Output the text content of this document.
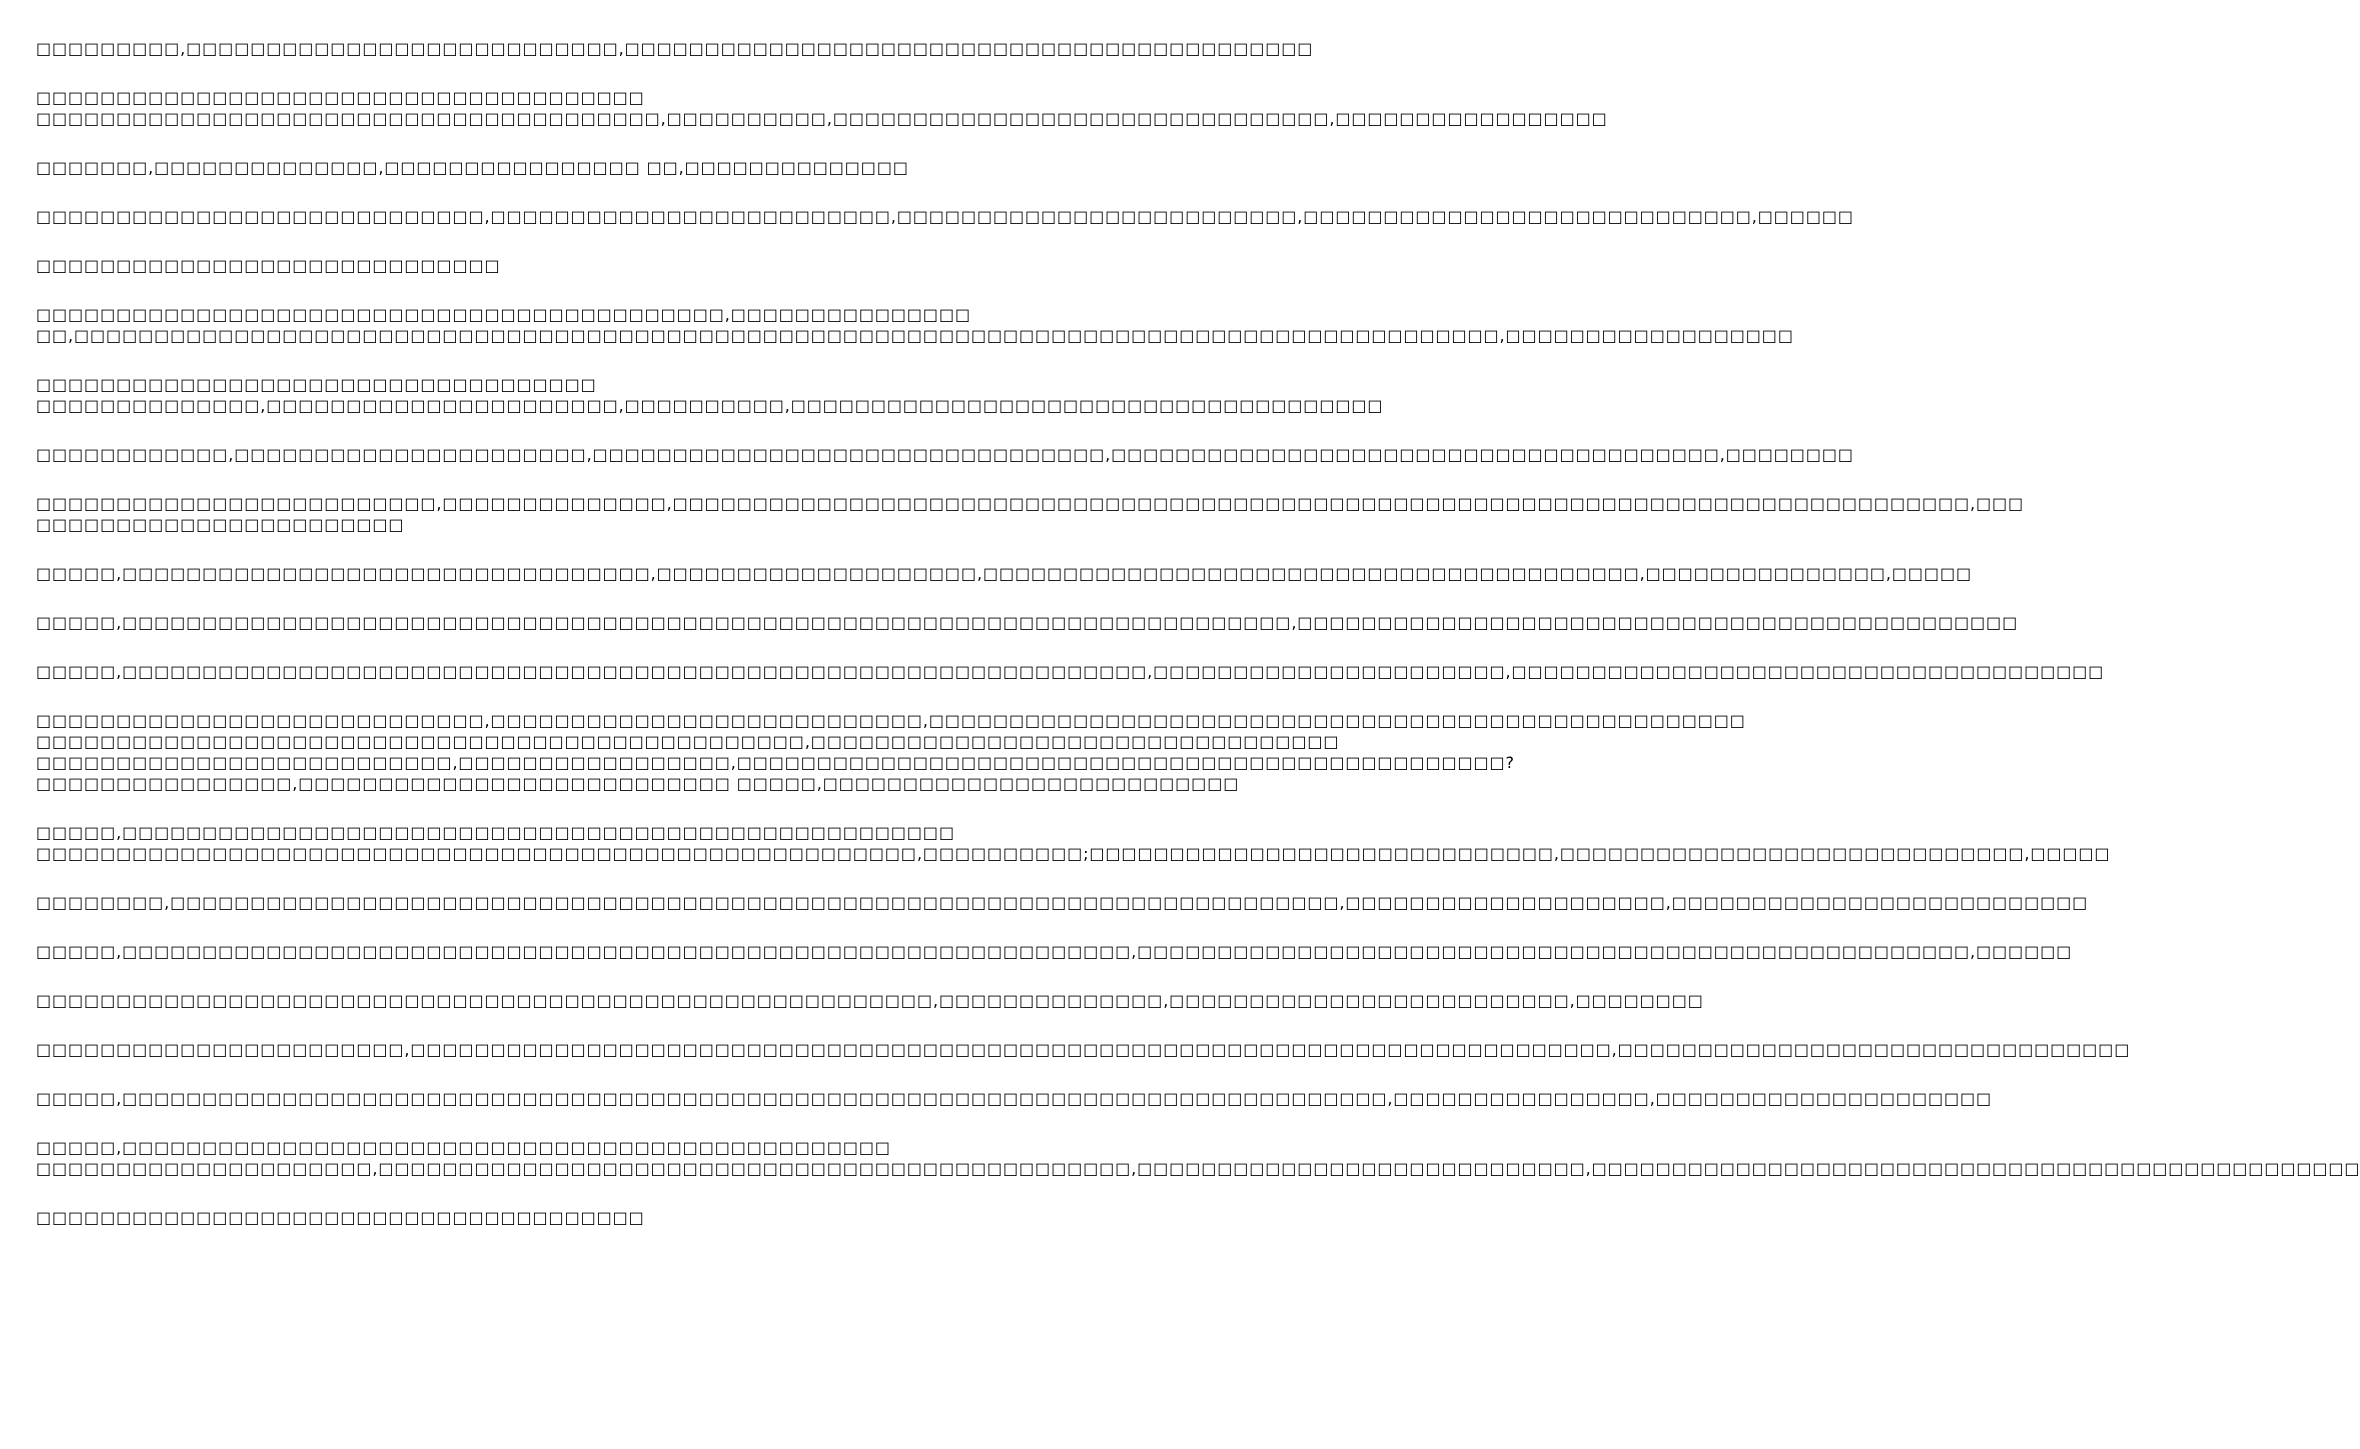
□□□□□□□□□,□□□□□□□□□□□□□□□□□□□□□□□□□□□,□□□□□□□□□□□□□□□□□□□□□□□□□□□□□□□□□□□□□□□□□□□
□□□□□□□□□□□□□□□□□□□□□□□□□□□□□□□□□□□□□□
□□□□□□□□□□□□□□□□□□□□□□□□□□□□□□□□□□□□□□□,□□□□□□□□□□,□□□□□□□□□□□□□□□□□□□□□□□□□□□□□□□,□□□□□□□□□□□□□□□□□
□□□□□□□,□□□□□□□□□□□□□□,□□□□□□□□□□□□□□□□ □□,□□□□□□□□□□□□□□
□□□□□□□□□□□□□□□□□□□□□□□□□□□□,□□□□□□□□□□□□□□□□□□□□□□□□□,□□□□□□□□□□□□□□□□□□□□□□□□□,□□□□□□□□□□□□□□□□□□□□□□□□□□□□,□□□□□□
□□□□□□□□□□□□□□□□□□□□□□□□□□□□□
□□□□□□□□□□□□□□□□□□□□□□□□□□□□□□□□□□□□□□□□□□□,□□□□□□□□□□□□□□□
□□,□□□□□□□□□□□□□□□□□□□□□□□□□□□□□□□□□□□□□□□□□□□□□□□□□□□□□□□□□□□□□□□□□□□□□□□□□□□□□□□□□□□□□□□□□,□□□□□□□□□□□□□□□□□□
□□□□□□□□□□□□□□□□□□□□□□□□□□□□□□□□□□□
□□□□□□□□□□□□□□,□□□□□□□□□□□□□□□□□□□□□□,□□□□□□□□□□,□□□□□□□□□□□□□□□□□□□□□□□□□□□□□□□□□□□□□
□□□□□□□□□□□□,□□□□□□□□□□□□□□□□□□□□□□,□□□□□□□□□□□□□□□□□□□□□□□□□□□□□□□□,□□□□□□□□□□□□□□□□□□□□□□□□□□□□□□□□□□□□□□,□□□□□□□□
□□□□□□□□□□□□□□□□□□□□□□□□□,□□□□□□□□□□□□□□,□□□□□□□□□□□□□□□□□□□□□□□□□□□□□□□□□□□□□□□□□□□□□□□□□□□□□□□□□□□□□□□□□□□□□□□□□□□□□□□□□,□□□
□□□□□□□□□□□□□□□□□□□□□□□
□□□□□,□□□□□□□□□□□□□□□□□□□□□□□□□□□□□□□□□,□□□□□□□□□□□□□□□□□□□□,□□□□□□□□□□□□□□□□□□□□□□□□□□□□□□□□□□□□□□□□□,□□□□□□□□□□□□□□□,□□□□□
□□□□□,□□□□□□□□□□□□□□□□□□□□□□□□□□□□□□□□□□□□□□□□□□□□□□□□□□□□□□□□□□□□□□□□□□□□□□□□□,□□□□□□□□□□□□□□□□□□□□□□□□□□□□□□□□□□□□□□□□□□□□□
□□□□□,□□□□□□□□□□□□□□□□□□□□□□□□□□□□□□□□□□□□□□□□□□□□□□□□□□□□□□□□□□□□□□□□,□□□□□□□□□□□□□□□□□□□□□□,□□□□□□□□□□□□□□□□□□□□□□□□□□□□□□□□□□□□□
□□□□□□□□□□□□□□□□□□□□□□□□□□□□,□□□□□□□□□□□□□□□□□□□□□□□□□□□,□□□□□□□□□□□□□□□□□□□□□□□□□□□□□□□□□□□□□□□□□□□□□□□□□□□
□□□□□□□□□□□□□□□□□□□□□□□□□□□□□□□□□□□□□□□□□□□□□□□□,□□□□□□□□□□□□□□□□□□□□□□□□□□□□□□□□□
□□□□□□□□□□□□□□□□□□□□□□□□□□,□□□□□□□□□□□□□□□□□,□□□□□□□□□□□□□□□□□□□□□□□□□□□□□□□□□□□□□□□□□□□□□□□□?
□□□□□□□□□□□□□□□□,□□□□□□□□□□□□□□□□□□□□□□□□□□□ □□□□□,□□□□□□□□□□□□□□□□□□□□□□□□□□
□□□□□,□□□□□□□□□□□□□□□□□□□□□□□□□□□□□□□□□□□□□□□□□□□□□□□□□□□□
□□□□□□□□□□□□□□□□□□□□□□□□□□□□□□□□□□□□□□□□□□□□□□□□□□□□□□□,□□□□□□□□□□;□□□□□□□□□□□□□□□□□□□□□□□□□□□□□,□□□□□□□□□□□□□□□□□□□□□□□□□□□□□,□□□□□
□□□□□□□□,□□□□□□□□□□□□□□□□□□□□□□□□□□□□□□□□□□□□□□□□□□□□□□□□□□□□□□□□□□□□□□□□□□□□□□□□□,□□□□□□□□□□□□□□□□□□□□,□□□□□□□□□□□□□□□□□□□□□□□□□□
□□□□□,□□□□□□□□□□□□□□□□□□□□□□□□□□□□□□□□□□□□□□□□□□□□□□□□□□□□□□□□□□□□□□□,□□□□□□□□□□□□□□□□□□□□□□□□□□□□□□□□□□□□□□□□□□□□□□□□□□□□,□□□□□□
□□□□□□□□□□□□□□□□□□□□□□□□□□□□□□□□□□□□□□□□□□□□□□□□□□□□□□□□,□□□□□□□□□□□□□□,□□□□□□□□□□□□□□□□□□□□□□□□□,□□□□□□□□
□□□□□□□□□□□□□□□□□□□□□□□,□□□□□□□□□□□□□□□□□□□□□□□□□□□□□□□□□□□□□□□□□□□□□□□□□□□□□□□□□□□□□□□□□□□□□□□□□□□,□□□□□□□□□□□□□□□□□□□□□□□□□□□□□□□□
□□□□□,□□□□□□□□□□□□□□□□□□□□□□□□□□□□□□□□□□□□□□□□□□□□□□□□□□□□□□□□□□□□□□□□□□□□□□□□□□□□□□□,□□□□□□□□□□□□□□□□,□□□□□□□□□□□□□□□□□□□□□
□□□□□,□□□□□□□□□□□□□□□□□□□□□□□□□□□□□□□□□□□□□□□□□□□□□□□□
□□□□□□□□□□□□□□□□□□□□□,□□□□□□□□□□□□□□□□□□□□□□□□□□□□□□□□□□□□□□□□□□□□□□□,□□□□□□□□□□□□□□□□□□□□□□□□□□□□,□□□□□□□□□□□□□□□□□□□□□□□□□□□□□□□□□□□□□□□□□□□□□□□□
□□□□□□□□□□□□□□□□□□□□□□□□□□□□□□□□□□□□□□
